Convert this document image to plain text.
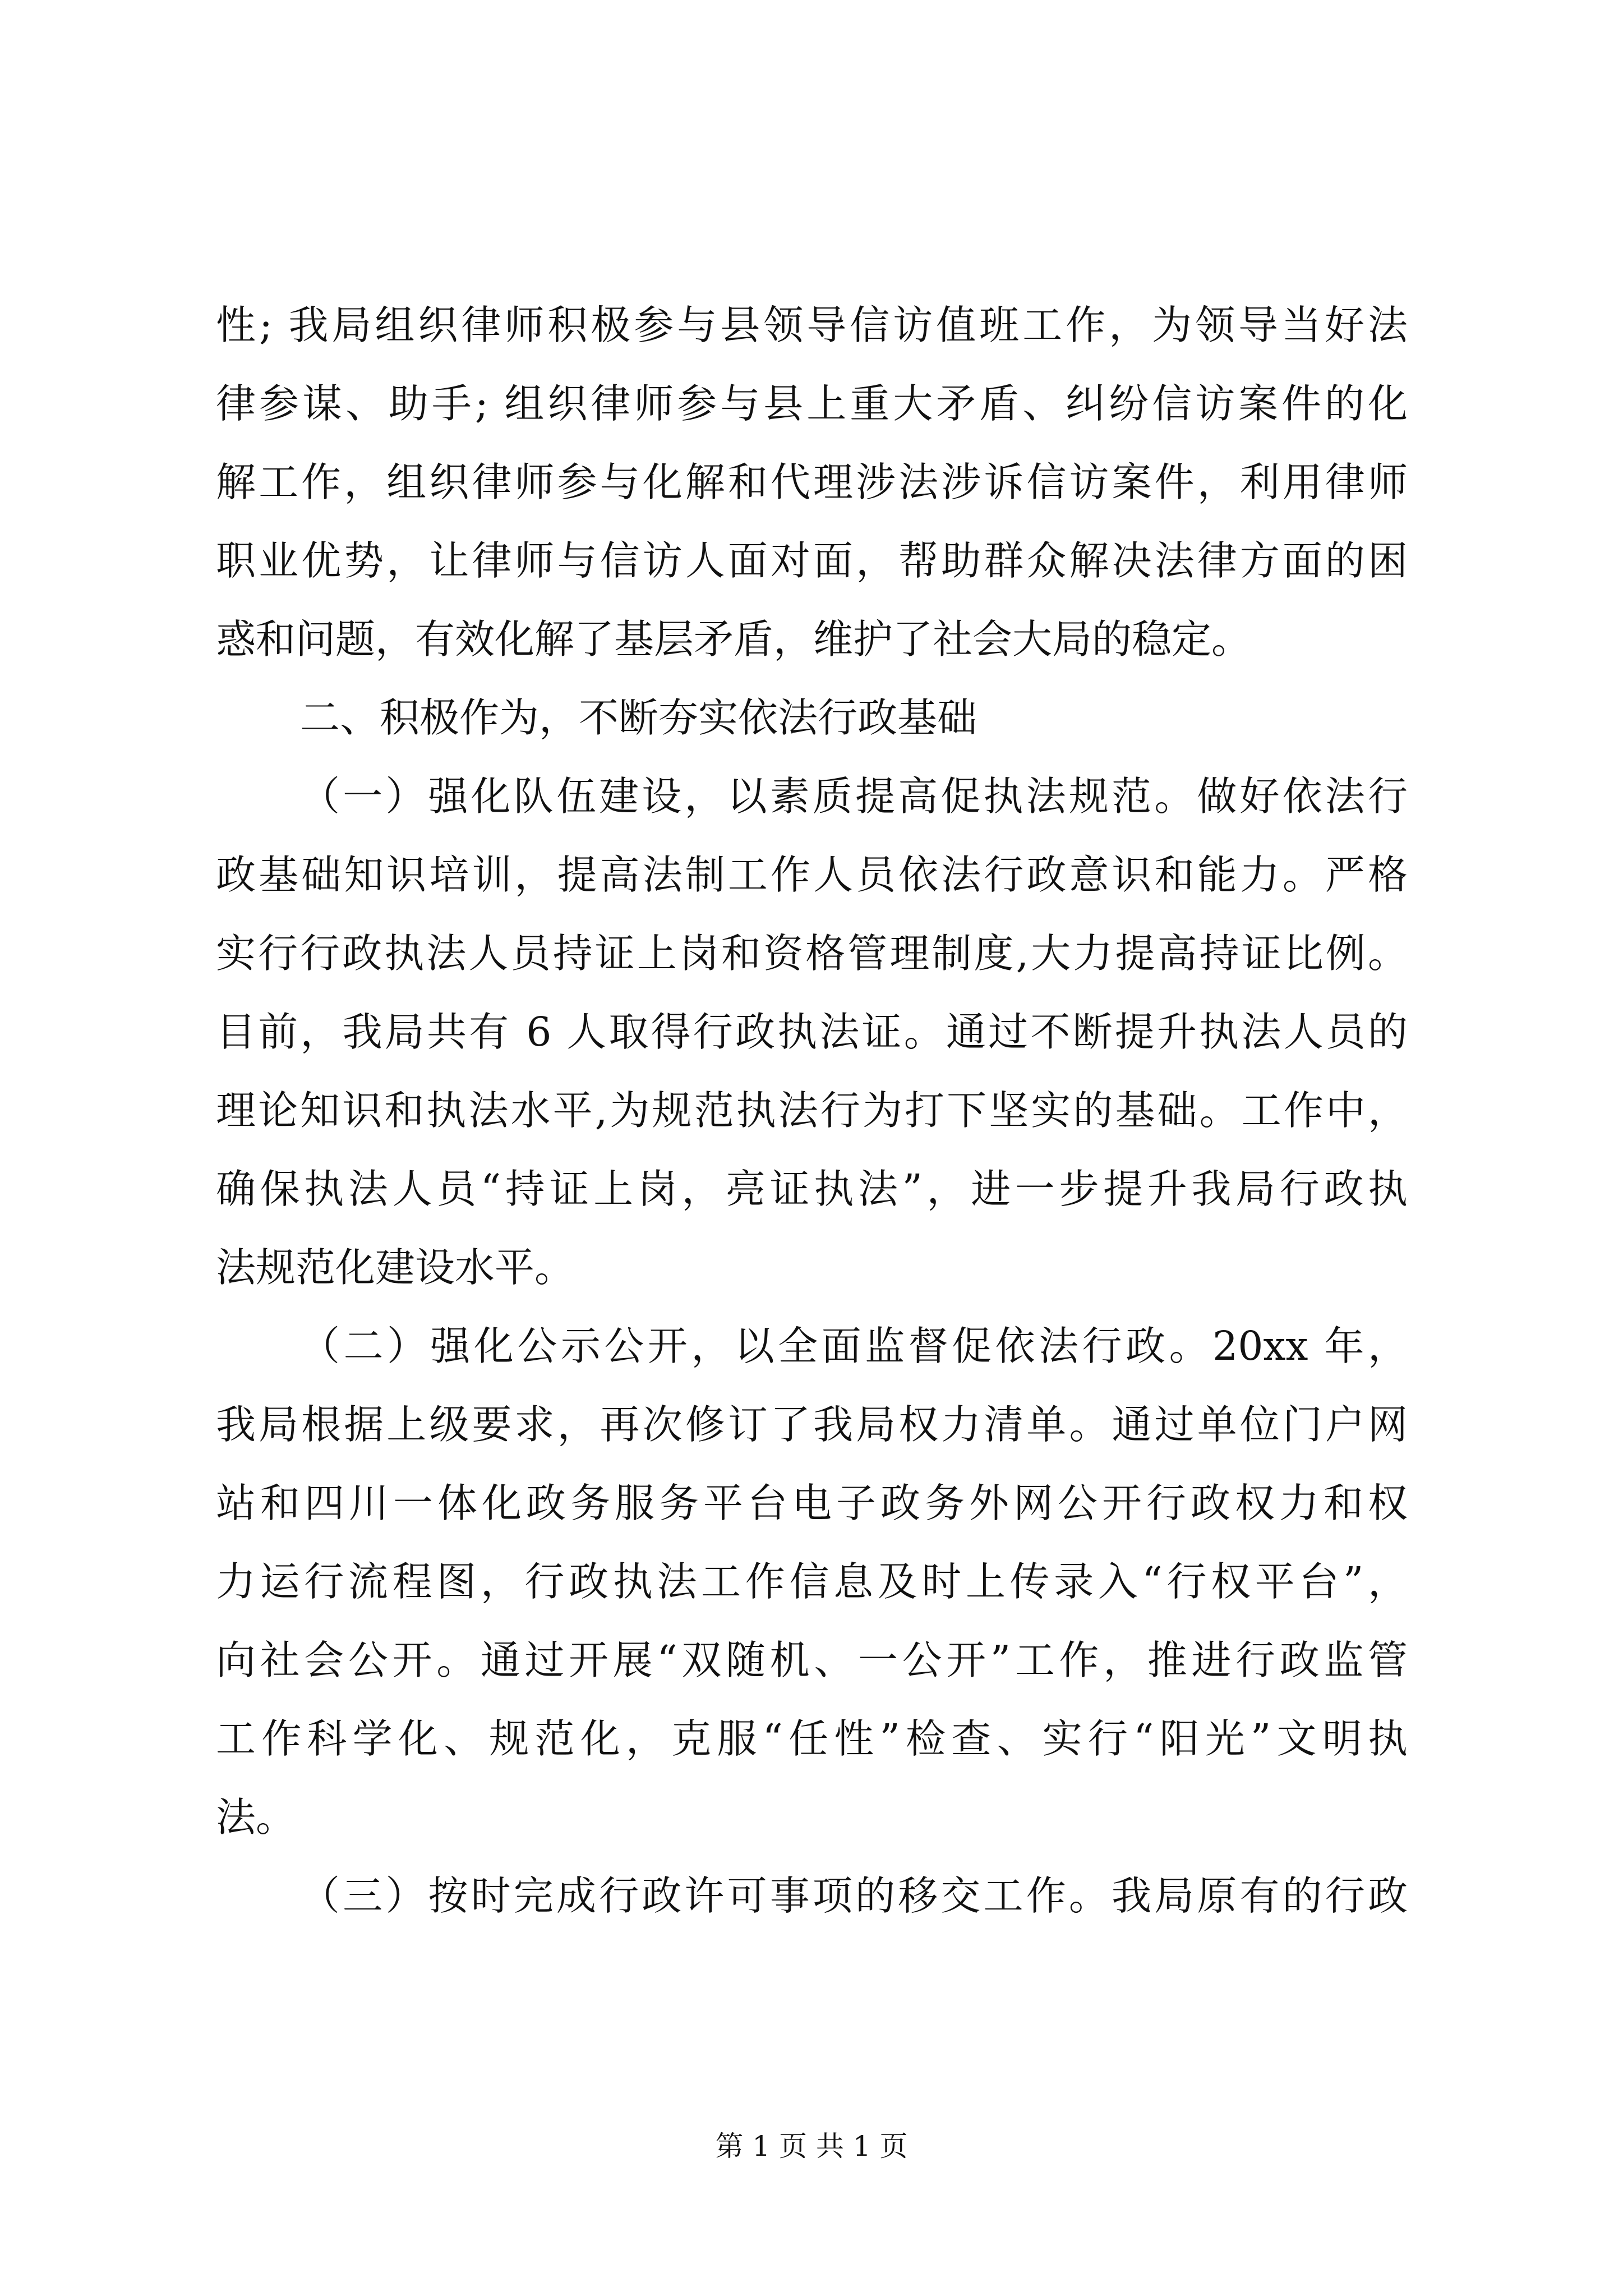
性; 我局组织律师积极参与县领导信访值班工作，为领导当好法
律参谋、助手; 组织律师参与县上重大矛盾、纠纷信访案件的化
解工作，组织律师参与化解和代理涉法涉诉信访案件，利用律师
职业优势，让律师与信访人面对面，帮助群众解决法律方面的困
惑和问题，有效化解了基层矛盾，维护了社会大局的稳定。
二、积极作为，不断夯实依法行政基础
（一）强化队伍建设，以素质提高促执法规范。做好依法行
政基础知识培训，提高法制工作人员依法行政意识和能力。严格
实行行政执法人员持证上岗和资格管理制度,大力提高持证比例。
目前，我局共有 6 人取得行政执法证。通过不断提升执法人员的
理论知识和执法水平,为规范执法行为打下坚实的基础。工作中，
确保执法人员“持证上岗，亮证执法”，进一步提升我局行政执
法规范化建设水平。
（二）强化公示公开，以全面监督促依法行政。20xx 年，
我局根据上级要求，再次修订了我局权力清单。通过单位门户网
站和四川一体化政务服务平台电子政务外网公开行政权力和权
力运行流程图，行政执法工作信息及时上传录入“行权平台”，
向社会公开。通过开展“双随机、一公开”工作，推进行政监管
工作科学化、规范化，克服“任性”检查、实行“阳光”文明执
法。
（三）按时完成行政许可事项的移交工作。我局原有的行政
第 1 页 共 1 页
